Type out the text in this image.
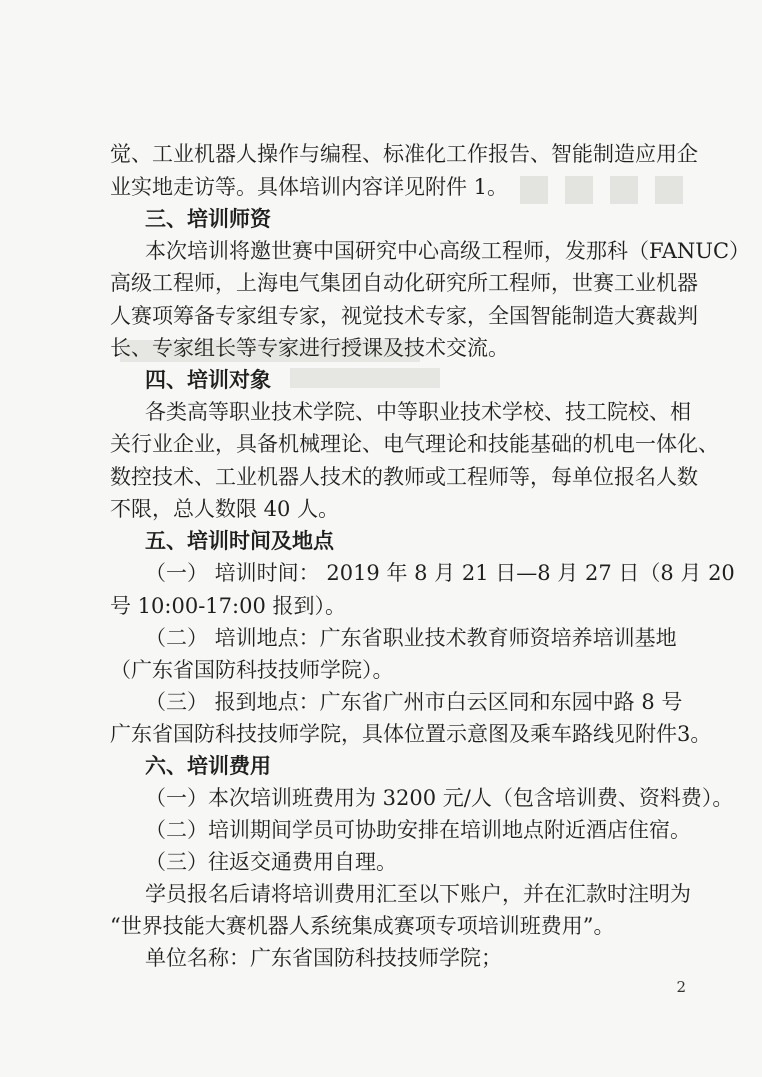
觉、工业机器人操作与编程、标准化工作报告、智能制造应用企
业实地走访等。具体培训内容详见附件 1。
三、培训师资
本次培训将邀世赛中国研究中心高级工程师，发那科（FANUC）
高级工程师，上海电气集团自动化研究所工程师，世赛工业机器
人赛项筹备专家组专家，视觉技术专家，全国智能制造大赛裁判
长、专家组长等专家进行授课及技术交流。
四、培训对象
各类高等职业技术学院、中等职业技术学校、技工院校、相
关行业企业，具备机械理论、电气理论和技能基础的机电一体化、
数控技术、工业机器人技术的教师或工程师等，每单位报名人数
不限，总人数限 40 人。
五、培训时间及地点
（一） 培训时间： 2019 年 8 月 21 日—8 月 27 日（8 月 20
号 10:00-17:00 报到）。
（二） 培训地点：广东省职业技术教育师资培养培训基地
（广东省国防科技技师学院）。
（三） 报到地点：广东省广州市白云区同和东园中路 8 号
广东省国防科技技师学院，具体位置示意图及乘车路线见附件3。
六、培训费用
（一）本次培训班费用为 3200 元/人（包含培训费、资料费）。
（二）培训期间学员可协助安排在培训地点附近酒店住宿。
（三）往返交通费用自理。
学员报名后请将培训费用汇至以下账户，并在汇款时注明为
“世界技能大赛机器人系统集成赛项专项培训班费用”。
单位名称：广东省国防科技技师学院；
2
